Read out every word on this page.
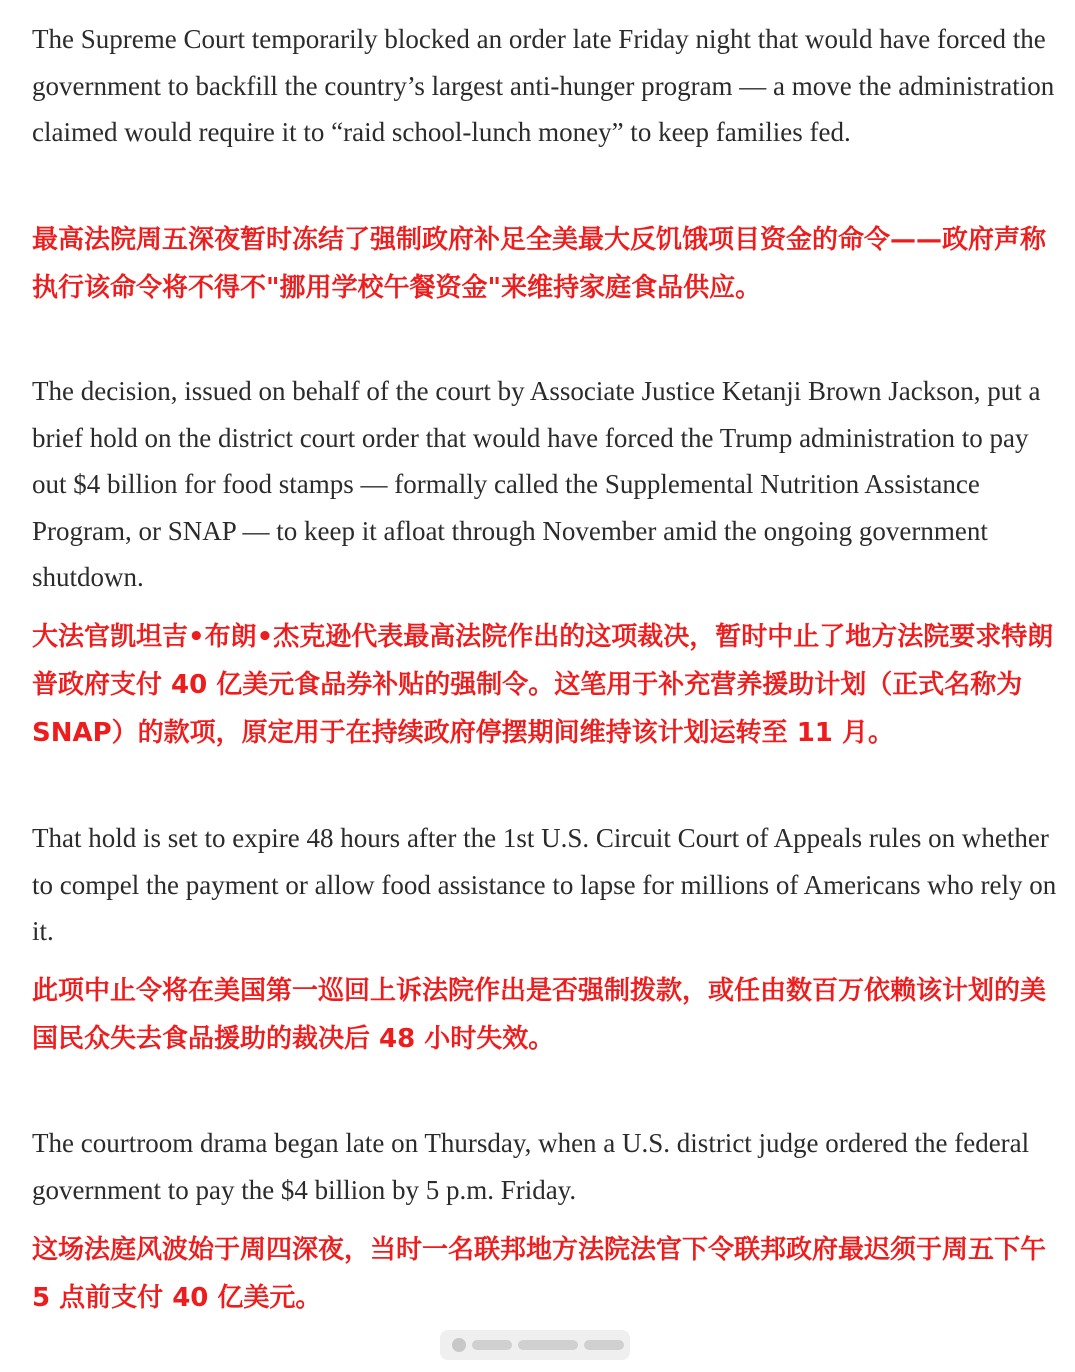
The Supreme Court temporarily blocked an order late Friday night that would have forced the government to backfill the country’s largest anti-hunger program — a move the administration claimed would require it to “raid school-lunch money” to keep families fed.

最高法院周五深夜暂时冻结了强制政府补足全美最大反饥饿项目资金的命令——政府声称执行该命令将不得不"挪用学校午餐资金"来维持家庭食品供应。

The decision, issued on behalf of the court by Associate Justice Ketanji Brown Jackson, put a brief hold on the district court order that would have forced the Trump administration to pay out $4 billion for food stamps — formally called the Supplemental Nutrition Assistance Program, or SNAP — to keep it afloat through November amid the ongoing government shutdown.

大法官凯坦吉•布朗•杰克逊代表最高法院作出的这项裁决，暂时中止了地方法院要求特朗普政府支付 40 亿美元食品券补贴的强制令。这笔用于补充营养援助计划（正式名称为 SNAP）的款项，原定用于在持续政府停摆期间维持该计划运转至 11 月。

That hold is set to expire 48 hours after the 1st U.S. Circuit Court of Appeals rules on whether to compel the payment or allow food assistance to lapse for millions of Americans who rely on it.

此项中止令将在美国第一巡回上诉法院作出是否强制拨款，或任由数百万依赖该计划的美国民众失去食品援助的裁决后 48 小时失效。

The courtroom drama began late on Thursday, when a U.S. district judge ordered the federal government to pay the $4 billion by 5 p.m. Friday.

这场法庭风波始于周四深夜，当时一名联邦地方法院法官下令联邦政府最迟须于周五下午 5 点前支付 40 亿美元。
